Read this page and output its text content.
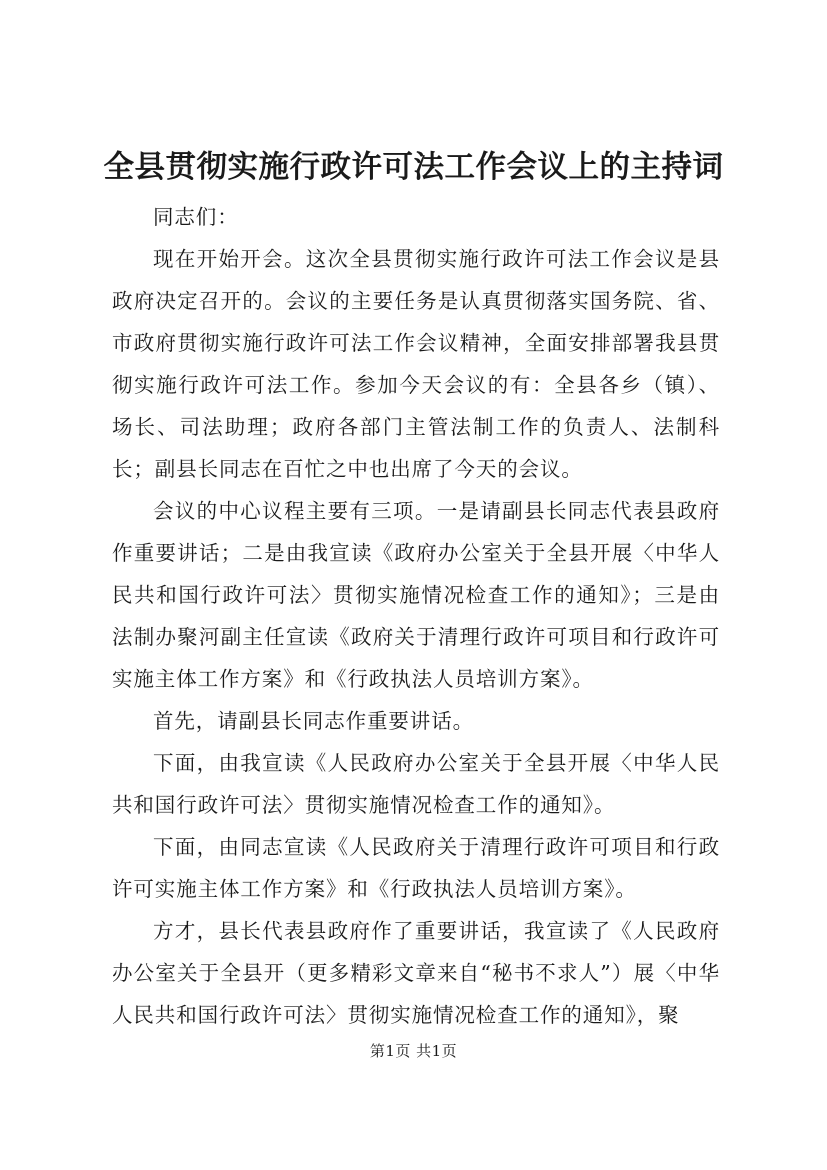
全县贯彻实施行政许可法工作会议上的主持词

同志们：

现在开始开会。这次全县贯彻实施行政许可法工作会议是县政府决定召开的。会议的主要任务是认真贯彻落实国务院、省、市政府贯彻实施行政许可法工作会议精神，全面安排部署我县贯彻实施行政许可法工作。参加今天会议的有：全县各乡（镇）、场长、司法助理；政府各部门主管法制工作的负责人、法制科长；副县长同志在百忙之中也出席了今天的会议。

会议的中心议程主要有三项。一是请副县长同志代表县政府作重要讲话；二是由我宣读《政府办公室关于全县开展〈中华人民共和国行政许可法〉贯彻实施情况检查工作的通知》；三是由法制办聚河副主任宣读《政府关于清理行政许可项目和行政许可实施主体工作方案》和《行政执法人员培训方案》。

首先，请副县长同志作重要讲话。

下面，由我宣读《人民政府办公室关于全县开展〈中华人民共和国行政许可法〉贯彻实施情况检查工作的通知》。

下面，由同志宣读《人民政府关于清理行政许可项目和行政许可实施主体工作方案》和《行政执法人员培训方案》。

方才，县长代表县政府作了重要讲话，我宣读了《人民政府办公室关于全县开（更多精彩文章来自“秘书不求人”）展〈中华人民共和国行政许可法〉贯彻实施情况检查工作的通知》，聚

第1页 共1页
